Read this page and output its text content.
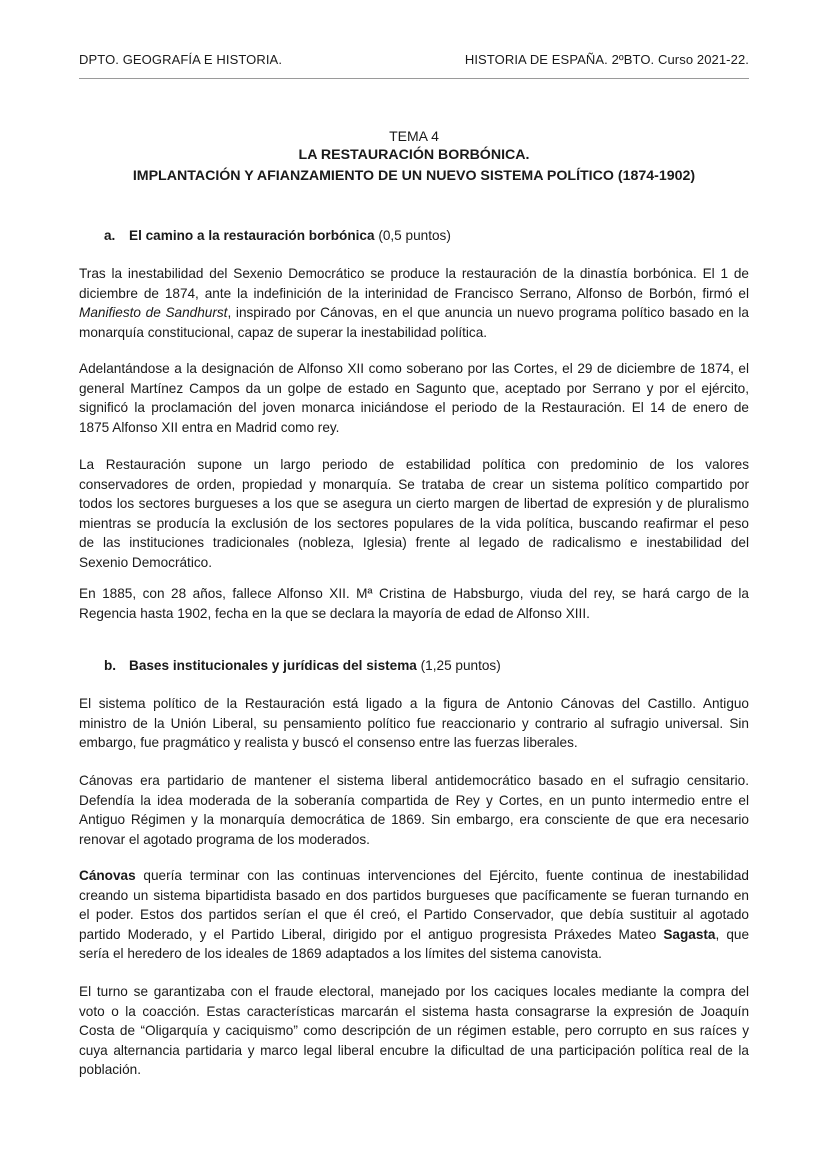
DPTO. GEOGRAFÍA E HISTORIA.	HISTORIA DE ESPAÑA. 2ºBTO. Curso 2021-22.
TEMA 4
LA RESTAURACIÓN BORBÓNICA.
IMPLANTACIÓN Y AFIANZAMIENTO DE UN NUEVO SISTEMA POLÍTICO (1874-1902)
a. El camino a la restauración borbónica (0,5 puntos)
Tras la inestabilidad del Sexenio Democrático se produce la restauración de la dinastía borbónica. El 1 de
diciembre de 1874, ante la indefinición de la interinidad de Francisco Serrano, Alfonso de Borbón, firmó el
Manifiesto de Sandhurst, inspirado por Cánovas, en el que anuncia un nuevo programa político basado en la
monarquía constitucional, capaz de superar la inestabilidad política.
Adelantándose a la designación de Alfonso XII como soberano por las Cortes, el 29 de diciembre de 1874, el
general Martínez Campos da un golpe de estado en Sagunto que, aceptado por Serrano y por el ejército,
significó la proclamación del joven monarca iniciándose el periodo de la Restauración. El 14 de enero de
1875 Alfonso XII entra en Madrid como rey.
La Restauración supone un largo periodo de estabilidad política con predominio de los valores
conservadores de orden, propiedad y monarquía. Se trataba de crear un sistema político compartido por
todos los sectores burgueses a los que se asegura un cierto margen de libertad de expresión y de pluralismo
mientras se producía la exclusión de los sectores populares de la vida política, buscando reafirmar el peso
de las instituciones tradicionales (nobleza, Iglesia) frente al legado de radicalismo e inestabilidad del
Sexenio Democrático.
En 1885, con 28 años, fallece Alfonso XII. Mª Cristina de Habsburgo, viuda del rey, se hará cargo de la
Regencia hasta 1902, fecha en la que se declara la mayoría de edad de Alfonso XIII.
b. Bases institucionales y jurídicas del sistema (1,25 puntos)
El sistema político de la Restauración está ligado a la figura de Antonio Cánovas del Castillo. Antiguo
ministro de la Unión Liberal, su pensamiento político fue reaccionario y contrario al sufragio universal. Sin
embargo, fue pragmático y realista y buscó el consenso entre las fuerzas liberales.
Cánovas era partidario de mantener el sistema liberal antidemocrático basado en el sufragio censitario.
Defendía la idea moderada de la soberanía compartida de Rey y Cortes, en un punto intermedio entre el
Antiguo Régimen y la monarquía democrática de 1869. Sin embargo, era consciente de que era necesario
renovar el agotado programa de los moderados.
Cánovas quería terminar con las continuas intervenciones del Ejército, fuente continua de inestabilidad
creando un sistema bipartidista basado en dos partidos burgueses que pacíficamente se fueran turnando en
el poder. Estos dos partidos serían el que él creó, el Partido Conservador, que debía sustituir al agotado
partido Moderado, y el Partido Liberal, dirigido por el antiguo progresista Práxedes Mateo Sagasta, que
sería el heredero de los ideales de 1869 adaptados a los límites del sistema canovista.
El turno se garantizaba con el fraude electoral, manejado por los caciques locales mediante la compra del
voto o la coacción. Estas características marcarán el sistema hasta consagrarse la expresión de Joaquín
Costa de “Oligarquía y caciquismo” como descripción de un régimen estable, pero corrupto en sus raíces y
cuya alternancia partidaria y marco legal liberal encubre la dificultad de una participación política real de la
población.
